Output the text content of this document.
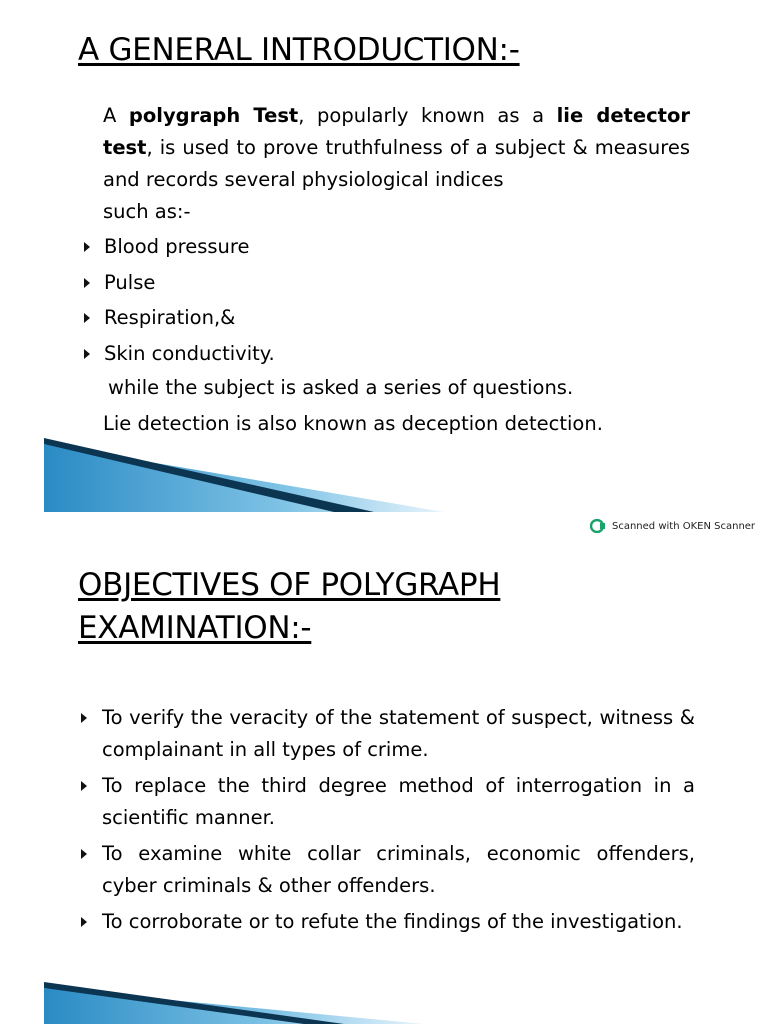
A GENERAL INTRODUCTION:-

A polygraph Test, popularly known as a lie detector test, is used to prove truthfulness of a subject & measures and records several physiological indices
such as:-

Blood pressure
Pulse
Respiration,&
Skin conductivity.

while the subject is asked a series of questions.

Lie detection is also known as deception detection.

Scanned with OKEN Scanner
OBJECTIVES OF POLYGRAPH
EXAMINATION:-
To verify the veracity of the statement of suspect, witness & complainant in all types of crime.
To replace the third degree method of interrogation in a scientific manner.
To examine white collar criminals, economic offenders, cyber criminals & other offenders.
To corroborate or to refute the findings of the investigation.
